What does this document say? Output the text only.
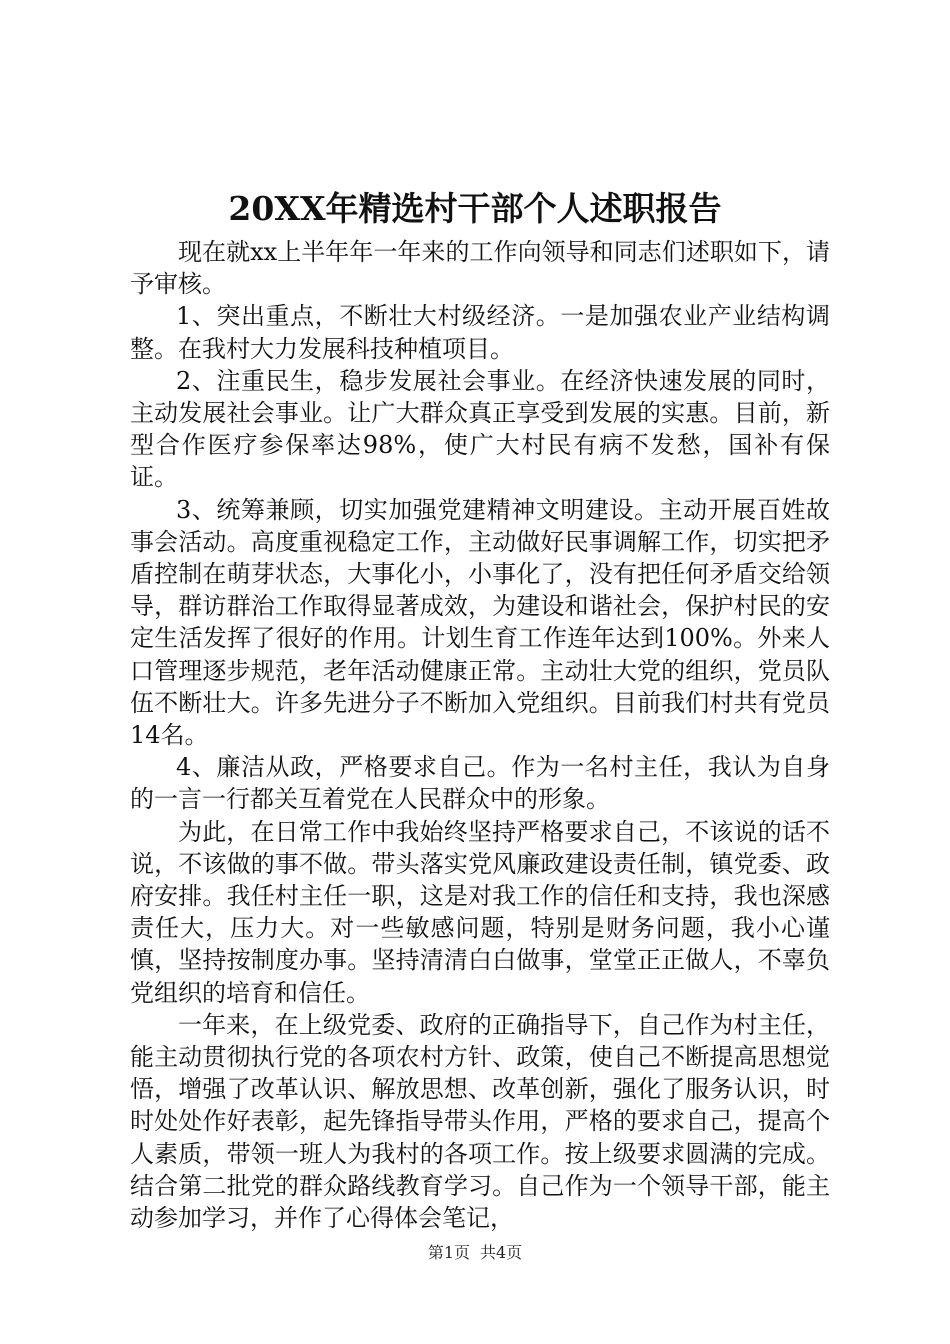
20XX年精选村干部个人述职报告

现在就xx上半年年一年来的工作向领导和同志们述职如下，请予审核。

1、突出重点，不断壮大村级经济。一是加强农业产业结构调整。在我村大力发展科技种植项目。

2、注重民生，稳步发展社会事业。在经济快速发展的同时，主动发展社会事业。让广大群众真正享受到发展的实惠。目前，新型合作医疗参保率达98%，使广大村民有病不发愁，国补有保证。

3、统筹兼顾，切实加强党建精神文明建设。主动开展百姓故事会活动。高度重视稳定工作，主动做好民事调解工作，切实把矛盾控制在萌芽状态，大事化小，小事化了，没有把任何矛盾交给领导，群访群治工作取得显著成效，为建设和谐社会，保护村民的安定生活发挥了很好的作用。计划生育工作连年达到100%。外来人口管理逐步规范，老年活动健康正常。主动壮大党的组织，党员队伍不断壮大。许多先进分子不断加入党组织。目前我们村共有党员14名。

4、廉洁从政，严格要求自己。作为一名村主任，我认为自身的一言一行都关互着党在人民群众中的形象。

为此，在日常工作中我始终坚持严格要求自己，不该说的话不说，不该做的事不做。带头落实党风廉政建设责任制，镇党委、政府安排。我任村主任一职，这是对我工作的信任和支持，我也深感责任大，压力大。对一些敏感问题，特别是财务问题，我小心谨慎，坚持按制度办事。坚持清清白白做事，堂堂正正做人，不辜负党组织的培育和信任。

一年来，在上级党委、政府的正确指导下，自己作为村主任，能主动贯彻执行党的各项农村方针、政策，使自己不断提高思想觉悟，增强了改革认识、解放思想、改革创新，强化了服务认识，时时处处作好表彰，起先锋指导带头作用，严格的要求自己，提高个人素质，带领一班人为我村的各项工作。按上级要求圆满的完成。结合第二批党的群众路线教育学习。自己作为一个领导干部，能主动参加学习，并作了心得体会笔记，

第1页 共4页
